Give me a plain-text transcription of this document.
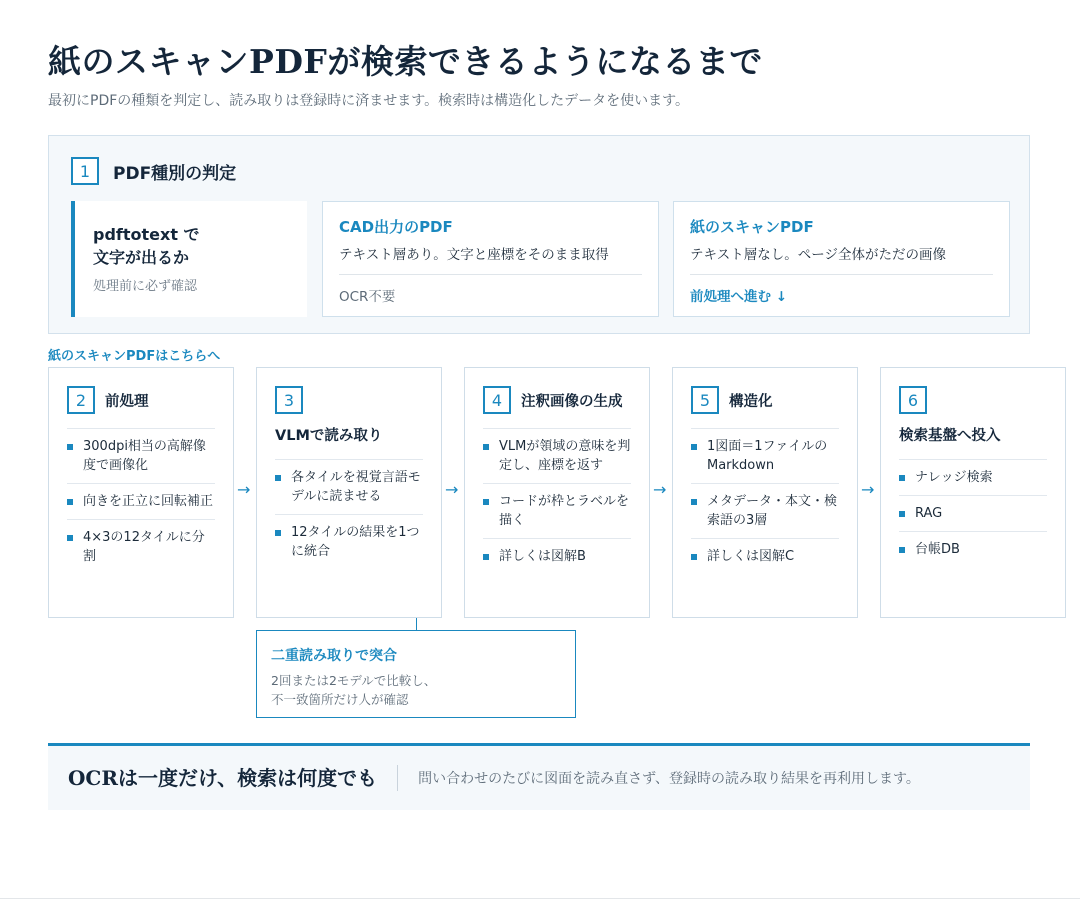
紙のスキャンPDFが検索できるようになるまで
最初にPDFの種類を判定し、読み取りは登録時に済ませます。検索時は構造化したデータを使います。
1	PDF種別の判定
pdftotext で
文字が出るか
処理前に必ず確認
CAD出力のPDF
テキスト層あり。文字と座標をそのまま取得
OCR不要
紙のスキャンPDF
テキスト層なし。ページ全体がただの画像
前処理へ進む ↓
紙のスキャンPDFはこちらへ
2	前処理
300dpi相当の高解像度で画像化
向きを正立に回転補正
4×3の12タイルに分割
→
3
VLMで読み取り
各タイルを視覚言語モデルに読ませる
12タイルの結果を1つに統合
→
4	注釈画像の生成
VLMが領域の意味を判定し、座標を返す
コードが枠とラベルを描く
詳しくは図解B
→
5	構造化
1図面＝1ファイルのMarkdown
メタデータ・本文・検索語の3層
詳しくは図解C
→
6
検索基盤へ投入
ナレッジ検索
RAG
台帳DB
二重読み取りで突合
2回または2モデルで比較し、
不一致箇所だけ人が確認
OCRは一度だけ、検索は何度でも	問い合わせのたびに図面を読み直さず、登録時の読み取り結果を再利用します。
